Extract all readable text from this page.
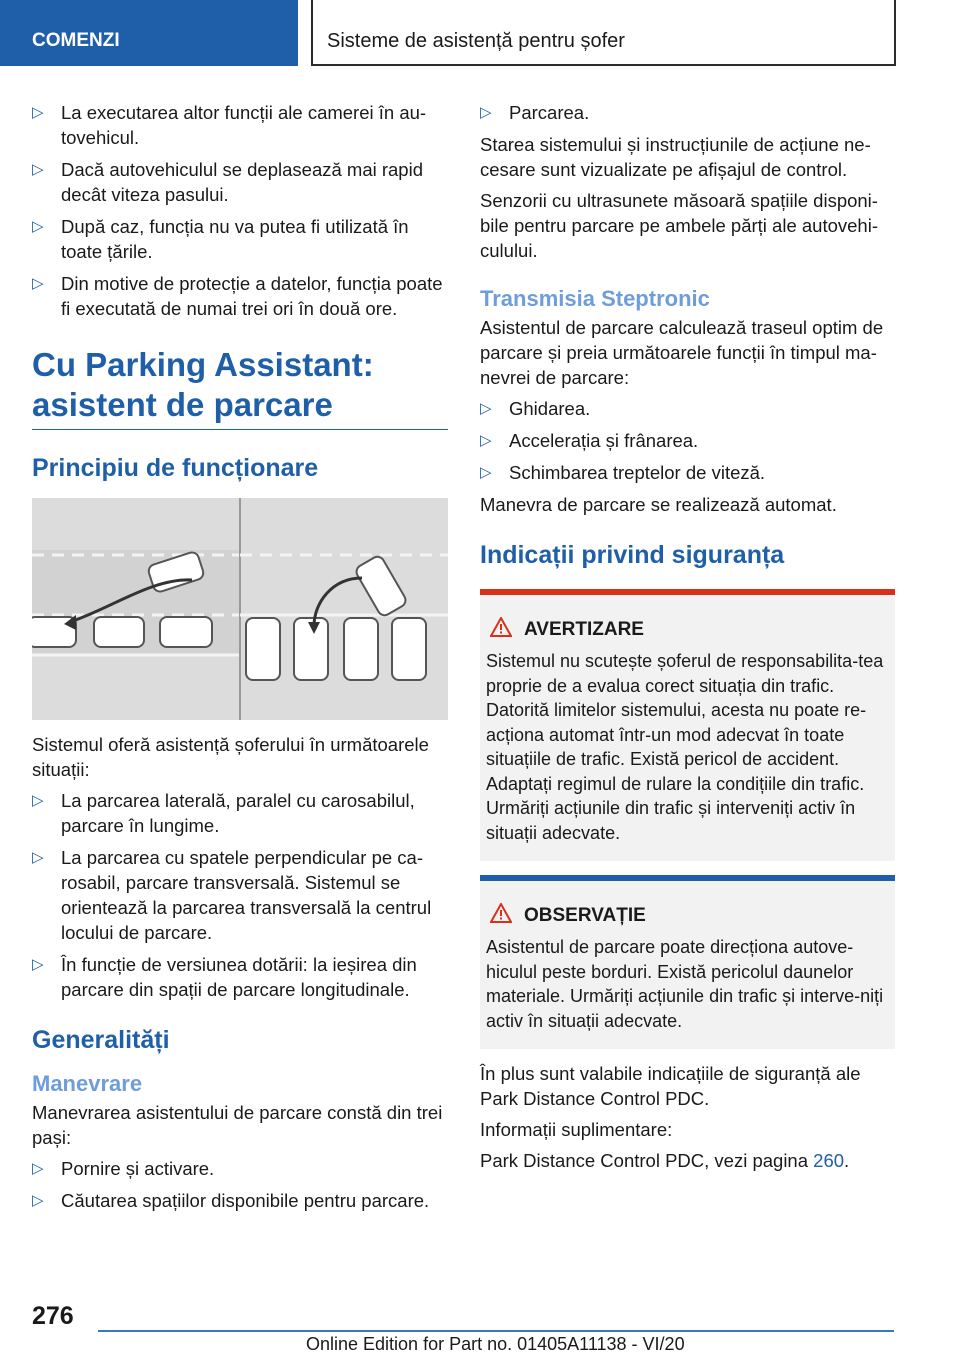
COMENZI	Sisteme de asistență pentru șofer
▷ La executarea altor funcții ale camerei în au-tovehicul.
▷ Dacă autovehiculul se deplasează mai rapid decât viteza pasului.
▷ După caz, funcția nu va putea fi utilizată în toate țările.
▷ Din motive de protecție a datelor, funcția poate fi executată de numai trei ori în două ore.
Cu Parking Assistant: asistent de parcare
Principiu de funcționare

Sistemul oferă asistență șoferului în următoarele situații:

▷ La parcarea laterală, paralel cu carosabilul, parcare în lungime.
▷ La parcarea cu spatele perpendicular pe ca-rosabil, parcare transversală. Sistemul se orientează la parcarea transversală la centrul locului de parcare.
▷ În funcție de versiunea dotării: la ieșirea din parcare din spații de parcare longitudinale.
Generalități
Manevrare

Manevrarea asistentului de parcare constă din trei pași:

▷ Pornire și activare.
▷ Căutarea spațiilor disponibile pentru parcare.
▷ Parcarea.

Starea sistemului și instrucțiunile de acțiune ne-cesare sunt vizualizate pe afișajul de control.

Senzorii cu ultrasunete măsoară spațiile disponi-bile pentru parcare pe ambele părți ale autovehi-culului.

Transmisia Steptronic

Asistentul de parcare calculează traseul optim de parcare și preia următoarele funcții în timpul ma-nevrei de parcare:

▷ Ghidarea.
▷ Accelerația și frânarea.
▷ Schimbarea treptelor de viteză.

Manevra de parcare se realizează automat.

Indicații privind siguranța
AVERTIZARE

Sistemul nu scutește șoferul de responsabilita-tea proprie de a evalua corect situația din trafic. Datorită limitelor sistemului, acesta nu poate re-acționa automat într-un mod adecvat în toate situațiile de trafic. Există pericol de accident. Adaptați regimul de rulare la condițiile din trafic. Urmăriți acțiunile din trafic și interveniți activ în situații adecvate.

OBSERVAȚIE

Asistentul de parcare poate direcționa autove-hiculul peste borduri. Există pericolul daunelor materiale. Urmăriți acțiunile din trafic și interve-niți activ în situații adecvate.

În plus sunt valabile indicațiile de siguranță ale Park Distance Control PDC.

Informații suplimentare:

Park Distance Control PDC, vezi pagina 260.

276
Online Edition for Part no. 01405A11138 - VI/20
